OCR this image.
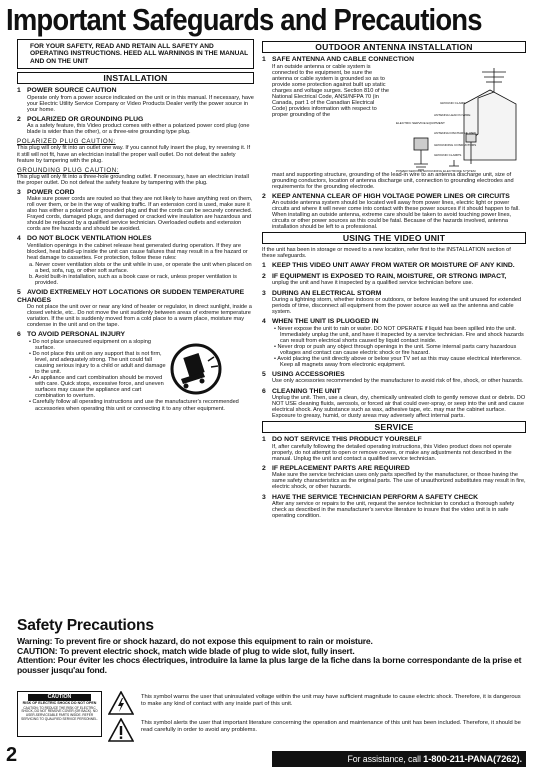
Important Safeguards and Precautions
FOR YOUR SAFETY, READ AND RETAIN ALL SAFETY AND OPERATING INSTRUCTIONS. HEED ALL WARNINGS IN THE MANUAL AND ON THE UNIT
INSTALLATION
1 POWER SOURCE CAUTION
Operate only from a power source indicated on the unit or in this manual. If necessary, have your Electric Utility Service Company or Video Products Dealer verify the power source in your home.
2 POLARIZED OR GROUNDING PLUG
As a safety feature, this Video product comes with either a polarized power cord plug (one blade is wider than the other), or a three-wire grounding type plug.
POLARIZED PLUG CAUTION:
This plug will only fit into an outlet one way. If you cannot fully insert the plug, try reversing it. If it still will not fit, have an electrician install the proper wall outlet. Do not defeat the safety feature by tampering with the plug.
GROUNDING PLUG CAUTION:
This plug will only fit into a three-hole grounding outlet. If necessary, have an electrician install the proper outlet. Do not defeat the safety feature by tampering with the plug.
3 POWER CORD
Make sure power cords are routed so that they are not likely to have anything rest on them, roll over them, or be in the way of walking traffic. If an extension cord is used, make sure it also has either a polarized or grounded plug and that the cords can be securely connected. Frayed cords, damaged plugs, and damaged or cracked wire insulation are hazardous and should be replaced by a qualified service technician. Overloaded outlets and extension cords are fire hazards and should be avoided.
4 DO NOT BLOCK VENTILATION HOLES
Ventilation openings in the cabinet release heat generated during operation. If they are blocked, heat build-up inside the unit can cause failures that may result in a fire hazard or heat damage to cassettes. For protection, follow these rules:
a. Never cover ventilation slots or the unit while in use, or operate the unit when placed on a bed, sofa, rug, or other soft surface.
b. Avoid built-in installation, such as a book case or rack, unless proper ventilation is provided.
5 AVOID EXTREMELY HOT LOCATIONS OR SUDDEN TEMPERATURE CHANGES
Do not place the unit over or near any kind of heater or regulator, in direct sunlight, inside a closed vehicle, etc.. Do not move the unit suddenly between areas of extreme temperature variation. If the unit is suddenly moved from a cold place to a warm place, moisture may condense in the unit and on the tape.
6 TO AVOID PERSONAL INJURY
• Do not place unsecured equipment on a sloping surface.
• Do not place this unit on any support that is not firm, level, and adequately strong. The unit could fall causing serious injury to a child or adult and damage to the unit.
• An appliance and cart combination should be moved with care. Quick stops, excessive force, and uneven surfaces may cause the appliance and cart combination to overturn.
• Carefully follow all operating instructions and use the manufacturer's recommended accessories when operating this unit or connecting it to any other equipment.
OUTDOOR ANTENNA INSTALLATION
1 SAFE ANTENNA AND CABLE CONNECTION
If an outside antenna or cable system is connected to the equipment, be sure the antenna or cable system is grounded so as to provide some protection against built up static charges and voltage surges. Section 810 of the National Electrical Code, ANSI/NFPA 70 (in Canada, part 1 of the Canadian Electrical Code) provides information with respect to proper grounding of the
GROUND CLAMP
ELECTRIC SERVICE EQUIPMENT
ANTENNA LEAD IN WIRE
ANTENNA DISCHARGE UNIT
GROUNDING CONDUCTORS
GROUND CLAMPS
POWER SERVICE GROUNDING ELECTRODE SYSTEM
mast and supporting structure, grounding of the lead-in wire to an antenna discharge unit, size of grounding conductors, location of antenna discharge unit, connection to grounding electrodes and requirements for the grounding electrode.
2 KEEP ANTENNA CLEAR OF HIGH VOLTAGE POWER LINES OR CIRCUITS
An outside antenna system should be located well away from power lines, electric light or power circuits and where it will never come into contact with these power sources if it should happen to fall. When installing an outside antenna, extreme care should be taken to avoid touching power lines, circuits or other power sources as this could be fatal. Because of the hazards involved, antenna installation should be left to a professional.
USING THE VIDEO UNIT
If the unit has been in storage or moved to a new location, refer first to the INSTALLATION section of these safeguards.
1 KEEP THIS VIDEO UNIT AWAY FROM WATER OR MOISTURE OF ANY KIND.
2 IF EQUIPMENT IS EXPOSED TO RAIN, MOISTURE, OR STRONG IMPACT,
unplug the unit and have it inspected by a qualified service technician before use.
3 DURING AN ELECTRICAL STORM
During a lightning storm, whether indoors or outdoors, or before leaving the unit unused for extended periods of time, disconnect all equipment from the power source as well as the antenna and cable system.
4 WHEN THE UNIT IS PLUGGED IN
• Never expose the unit to rain or water. DO NOT OPERATE if liquid has been spilled into the unit. Immediately unplug the unit, and have it inspected by a service technician. Fire and shock hazards can result from electrical shorts caused by liquid contact inside.
• Never drop or push any object through openings in the unit. Some internal parts carry hazardous voltages and contact can cause electric shock or fire hazard.
• Avoid placing the unit directly above or below your TV set as this may cause electrical interference. Keep all magnets away from electronic equipment.
5 USING ACCESSORIES
Use only accessories recommended by the manufacturer to avoid risk of fire, shock, or other hazards.
6 CLEANING THE UNIT
Unplug the unit. Then, use a clean, dry, chemically untreated cloth to gently remove dust or debris. DO NOT USE cleaning fluids, aerosols, or forced air that could over-spray, or seep into the unit and cause electrical shock. Any substance such as wax, adhesive tape, etc. may mar the cabinet surface. Exposure to greasy, humid, or dusty areas may adversely affect internal parts.
SERVICE
1 DO NOT SERVICE THIS PRODUCT YOURSELF
If, after carefully following the detailed operating instructions, this Video product does not operate properly, do not attempt to open or remove covers, or make any adjustments not described in the manual. Unplug the unit and contact a qualified service technician.
2 IF REPLACEMENT PARTS ARE REQUIRED
Make sure the service technician uses only parts specified by the manufacturer, or those having the same safety characteristics as the original parts. The use of unauthorized substitutes may result in fire, electric shock, or other hazards.
3 HAVE THE SERVICE TECHNICIAN PERFORM A SAFETY CHECK
After any service or repairs to the unit, request the service technician to conduct a thorough safety check as described in the manufacturer's service literature to insure that the video unit is in safe operating condition.
Safety Precautions
Warning: To prevent fire or shock hazard, do not expose this equipment to rain or moisture.
CAUTION: To prevent electric shock, match wide blade of plug to wide slot, fully insert.
Attention: Pour éviter les chocs électriques, introduire la lame la plus large de la fiche dans la borne correspondante de la prise et pousser jusqu'au fond.
CAUTION
RISK OF ELECTRIC SHOCK DO NOT OPEN
CAUTION: TO REDUCE THE RISK OF ELECTRIC SHOCK, DO NOT REMOVE COVER (OR BACK). NO USER-SERVICEABLE PARTS INSIDE. REFER SERVICING TO QUALIFIED SERVICE PERSONNEL.
This symbol warns the user that uninsulated voltage within the unit may have sufficient magnitude to cause electric shock. Therefore, it is dangerous to make any kind of contact with any inside part of this unit.
This symbol alerts the user that important literature concerning the operation and maintenance of this unit has been included. Therefore, it should be read carefully in order to avoid any problems.
2	For assistance, call 1-800-211-PANA(7262).
